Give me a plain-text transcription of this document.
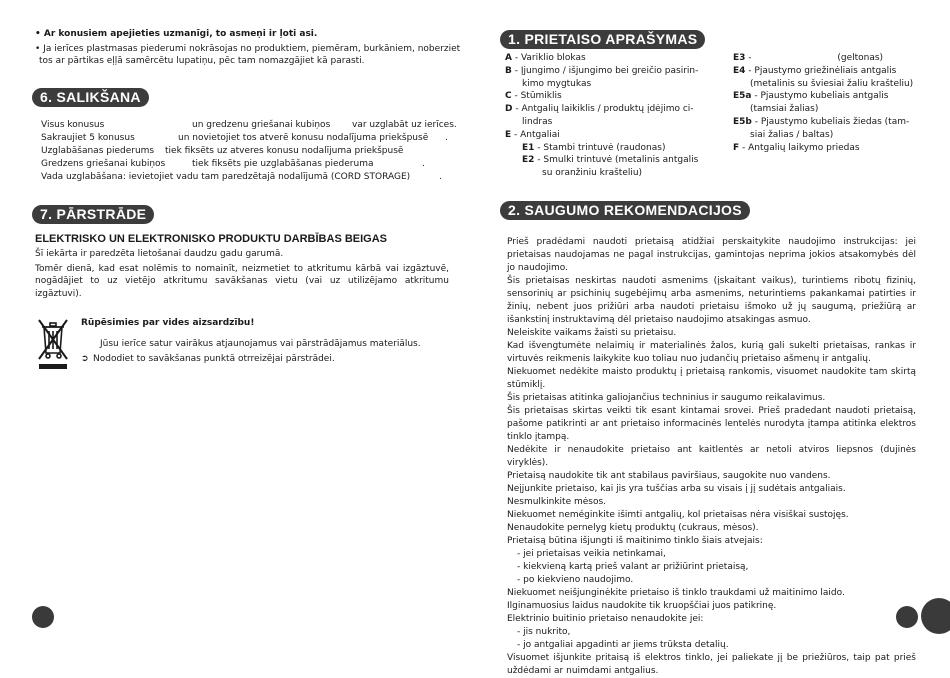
• Ar konusiem apejieties uzmanīgi, to asmeņi ir ļoti asi.
• Ja ierīces plastmasas piederumi nokrāsojas no produktiem, piemēram, burkāniem, noberziet
tos ar pārtikas eļļā samērcētu lupatiņu, pēc tam nomazgājiet kā parasti.
6. SALIKŠANA
Visus konusus	un gredzenu griešanai kubiņos var uzglabāt uz ierīces.
Sakraujiet 5 konusus	un novietojiet tos atverē konusu nodalījuma priekšpusē .
Uzglabāšanas piederums tiek fiksēts uz atveres konusu nodalījuma priekšpusē
Gredzens griešanai kubiņos	tiek fiksēts pie uzglabāšanas piederuma	.
Vada uzglabāšana: ievietojiet vadu tam paredzētajā nodalījumā (CORD STORAGE)	.
7. PĀRSTRĀDE
ELEKTRISKO UN ELEKTRONISKO PRODUKTU DARBĪBAS BEIGAS
Šī iekārta ir paredzēta lietošanai daudzu gadu garumā.
Tomēr dienā, kad esat nolēmis to nomainīt, neizmetiet to atkritumu kārbā vai izgāztuvē,
nogādājiet to uz vietējo atkritumu savākšanas vietu (vai uz utilizējamo atkritumu izgāztuvi).
Rūpēsimies par vides aizsardzību!
Jūsu ierīce satur vairākus atjaunojamus vai pārstrādājamus materiālus.
➲ Nododiet to savākšanas punktā otrreizējai pārstrādei.
1. PRIETAISO APRAŠYMAS
A - Variklio blokas
B - Įjungimo / išjungimo bei greičio pasirin-
kimo mygtukas
C - Stūmiklis
D - Antgalių laikiklis / produktų įdėjimo ci-
lindras
E - Antgaliai
E1 - Stambi trintuvė (raudonas)
E2 - Smulki trintuvė (metalinis antgalis
su oranžiniu krašteliu)
E3 -                              (geltonas)
E4 - Pjaustymo griežinėliais antgalis
(metalinis su šviesiai žaliu krašteliu)
E5a - Pjaustymo kubeliais antgalis
(tamsiai žalias)
E5b - Pjaustymo kubeliais žiedas (tam-
siai žalias / baltas)
F - Antgalių laikymo priedas
2. SAUGUMO REKOMENDACIJOS
Prieš pradėdami naudoti prietaisą atidžiai perskaitykite naudojimo instrukcijas: jei prietaisas naudojamas ne pagal instrukcijas, gamintojas neprima jokios atsakomybės dėl jo naudojimo.
Šis prietaisas neskirtas naudoti asmenims (įskaitant vaikus), turintiems ribotų fizinių, sensorinių ar psichinių sugebėjimų arba asmenims, neturintiems pakankamai patirties ir žinių, nebent juos prižiūri arba naudoti prietaisu išmoko už jų saugumą, priežiūrą ar išankstinį instruktavimą dėl prietaiso naudojimo atsakingas asmuo.
Neleiskite vaikams žaisti su prietaisu.
Kad išvengtumėte nelaimių ir materialinės žalos, kurią gali sukelti prietaisas, rankas ir virtuvės reikmenis laikykite kuo toliau nuo judančių prietaiso ašmenų ir antgalių.
Niekuomet nedėkite maisto produktų į prietaisą rankomis, visuomet naudokite tam skirtą stūmiklį.
Šis prietaisas atitinka galiojančius techninius ir saugumo reikalavimus.
Šis prietaisas skirtas veikti tik esant kintamai srovei. Prieš pradedant naudoti prietaisą, pašome patikrinti ar ant prietaiso informacinės lentelės nurodyta įtampa atitinka elektros tinklo įtampą.
Nedėkite ir nenaudokite prietaiso ant kaitlentės ar netoli atviros liepsnos (dujinės viryklės).
Prietaisą naudokite tik ant stabilaus paviršiaus, saugokite nuo vandens.
Neįjunkite prietaiso, kai jis yra tuščias arba su visais į jį sudėtais antgaliais.
Nesmulkinkite mėsos.
Niekuomet neméginkite išimti antgalių, kol prietaisas nėra visiškai sustojęs.
Nenaudokite pernelyg kietų produktų (cukraus, mėsos).
Prietaisą būtina išjungti iš maitinimo tinklo šiais atvejais:
- jei prietaisas veikia netinkamai,
- kiekvieną kartą prieš valant ar prižiūrint prietaisą,
- po kiekvieno naudojimo.
Niekuomet neišjunginėkite prietaiso iš tinklo traukdami už maitinimo laido.
Ilginamuosius laidus naudokite tik kruopščiai juos patikrinę.
Elektrinio buitinio prietaiso nenaudokite jei:
- jis nukrito,
- jo antgaliai apgadinti ar jiems trūksta detalių.
Visuomet išjunkite pritaisą iš elektros tinklo, jei paliekate jį be priežiūros, taip pat prieš uždėdami ar nuimdami antgalius.
